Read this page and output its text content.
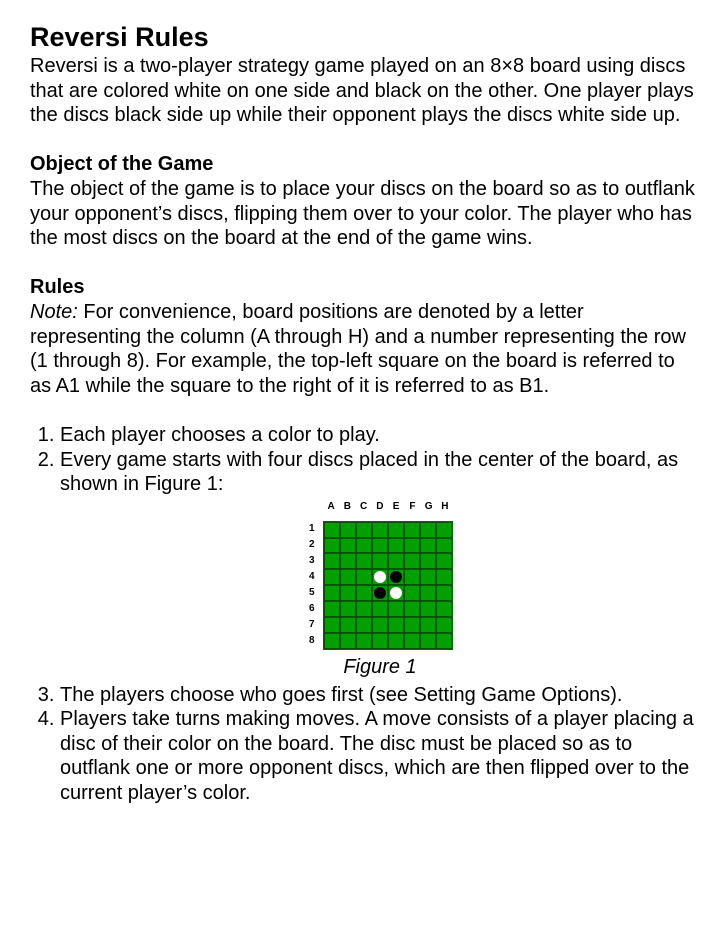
Reversi Rules

Reversi is a two-player strategy game played on an 8×8 board using discs that are colored white on one side and black on the other. One player plays the discs black side up while their opponent plays the discs white side up.

Object of the Game

The object of the game is to place your discs on the board so as to outflank your opponent’s discs, flipping them over to your color. The player who has the most discs on the board at the end of the game wins.

Rules

Note: For convenience, board positions are denoted by a letter representing the column (A through H) and a number representing the row (1 through 8). For example, the top-left square on the board is referred to as A1 while the square to the right of it is referred to as B1.

1. Each player chooses a color to play.
2. Every game starts with four discs placed in the center of the board, as shown in Figure 1:
A B C D E F G H
1
2
3
4
5
6
7
8
Figure 1
3. The players choose who goes first (see Setting Game Options).
4. Players take turns making moves. A move consists of a player placing a disc of their color on the board. The disc must be placed so as to outflank one or more opponent discs, which are then flipped over to the current player’s color.
